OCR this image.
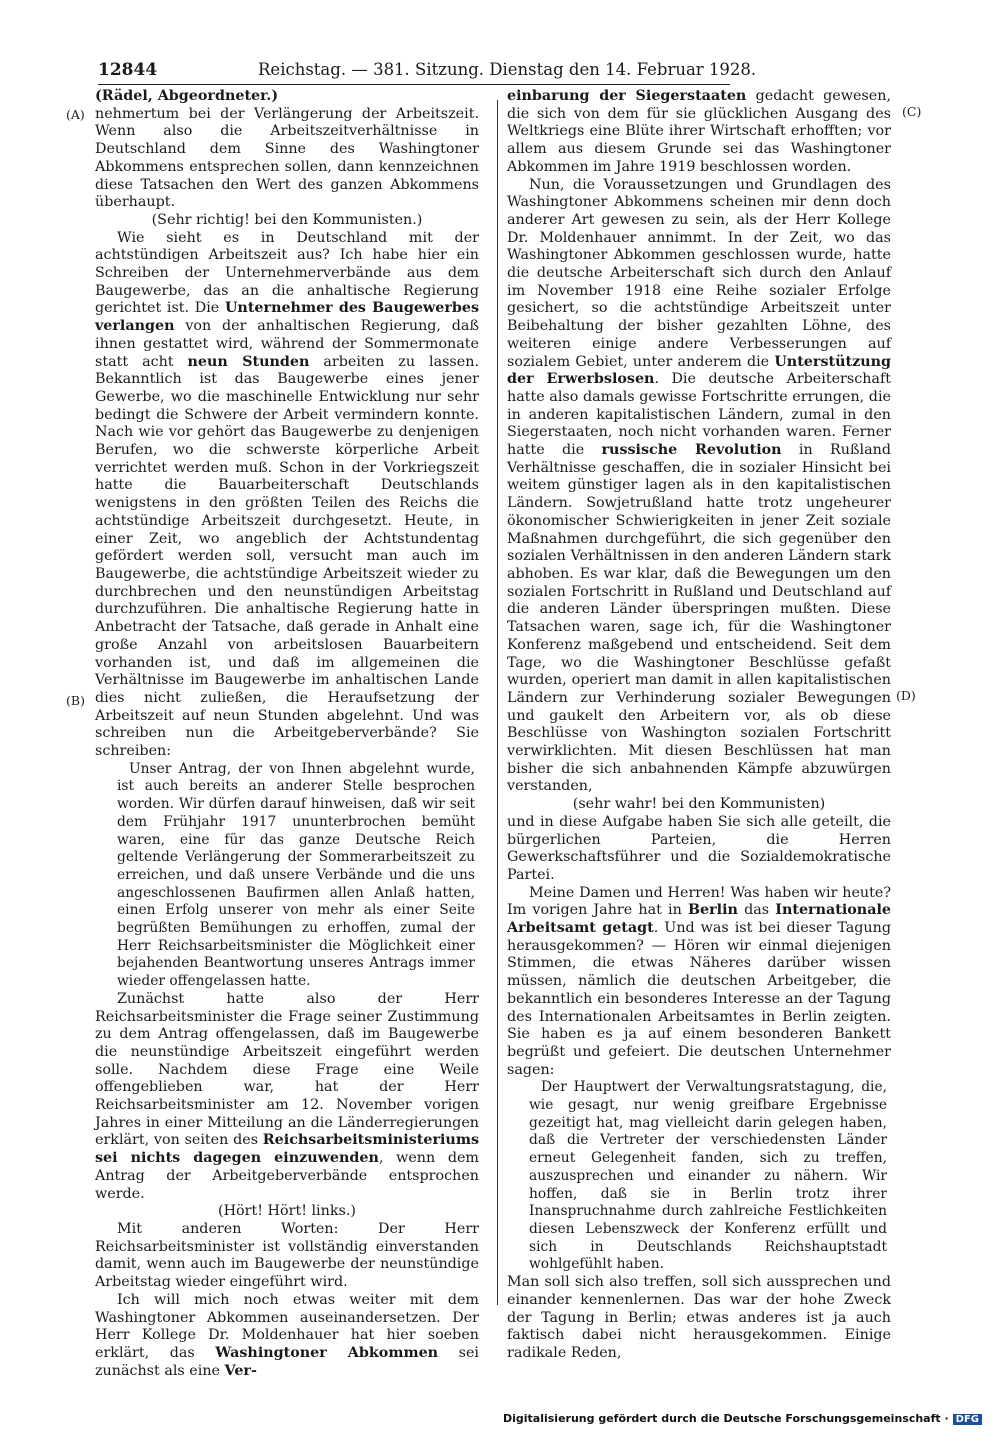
12844	Reichstag. — 381. Sitzung. Dienstag den 14. Februar 1928.
(A)
(B)
(C)
(D)

(Rädel, Abgeordneter.)

nehmertum bei der Verlängerung der Arbeitszeit. Wenn also die Arbeitszeitverhältnisse in Deutschland dem Sinne des Washingtoner Abkommens entsprechen sollen, dann kennzeichnen diese Tatsachen den Wert des ganzen Abkommens überhaupt.

(Sehr richtig! bei den Kommunisten.)

Wie sieht es in Deutschland mit der achtstündigen Arbeitszeit aus? Ich habe hier ein Schreiben der Unternehmerverbände aus dem Baugewerbe, das an die anhaltische Regierung gerichtet ist. Die Unternehmer des Baugewerbes verlangen von der anhaltischen Regierung, daß ihnen gestattet wird, während der Sommermonate statt acht neun Stunden arbeiten zu lassen. Bekanntlich ist das Baugewerbe eines jener Gewerbe, wo die maschinelle Entwicklung nur sehr bedingt die Schwere der Arbeit vermindern konnte. Nach wie vor gehört das Baugewerbe zu denjenigen Berufen, wo die schwerste körperliche Arbeit verrichtet werden muß. Schon in der Vorkriegszeit hatte die Bauarbeiterschaft Deutschlands wenigstens in den größten Teilen des Reichs die achtstündige Arbeitszeit durchgesetzt. Heute, in einer Zeit, wo angeblich der Achtstundentag gefördert werden soll, versucht man auch im Baugewerbe, die achtstündige Arbeitszeit wieder zu durchbrechen und den neunstündigen Arbeitstag durchzuführen. Die anhaltische Regierung hatte in Anbetracht der Tatsache, daß gerade in Anhalt eine große Anzahl von arbeitslosen Bauarbeitern vorhanden ist, und daß im allgemeinen die Verhältnisse im Baugewerbe im anhaltischen Lande dies nicht zuließen, die Heraufsetzung der Arbeitszeit auf neun Stunden abgelehnt. Und was schreiben nun die Arbeitgeberverbände? Sie schreiben:

Unser Antrag, der von Ihnen abgelehnt wurde, ist auch bereits an anderer Stelle besprochen worden. Wir dürfen darauf hinweisen, daß wir seit dem Frühjahr 1917 ununterbrochen bemüht waren, eine für das ganze Deutsche Reich geltende Verlängerung der Sommerarbeitszeit zu erreichen, und daß unsere Verbände und die uns angeschlossenen Baufirmen allen Anlaß hatten, einen Erfolg unserer von mehr als einer Seite begrüßten Bemühungen zu erhoffen, zumal der Herr Reichsarbeitsminister die Möglichkeit einer bejahenden Beantwortung unseres Antrags immer wieder offengelassen hatte.

Zunächst hatte also der Herr Reichsarbeitsminister die Frage seiner Zustimmung zu dem Antrag offengelassen, daß im Baugewerbe die neunstündige Arbeitszeit eingeführt werden solle. Nachdem diese Frage eine Weile offengeblieben war, hat der Herr Reichsarbeitsminister am 12. November vorigen Jahres in einer Mitteilung an die Länderregierungen erklärt, von seiten des Reichsarbeitsministeriums sei nichts dagegen einzuwenden, wenn dem Antrag der Arbeitgeberverbände entsprochen werde.

(Hört! Hört! links.)

Mit anderen Worten: Der Herr Reichsarbeitsminister ist vollständig einverstanden damit, wenn auch im Baugewerbe der neunstündige Arbeitstag wieder eingeführt wird.

Ich will mich noch etwas weiter mit dem Washingtoner Abkommen auseinandersetzen. Der Herr Kollege Dr. Moldenhauer hat hier soeben erklärt, das Washingtoner Abkommen sei zunächst als eine Ver-

einbarung der Siegerstaaten gedacht gewesen, die sich von dem für sie glücklichen Ausgang des Weltkriegs eine Blüte ihrer Wirtschaft erhofften; vor allem aus diesem Grunde sei das Washingtoner Abkommen im Jahre 1919 beschlossen worden.

Nun, die Voraussetzungen und Grundlagen des Washingtoner Abkommens scheinen mir denn doch anderer Art gewesen zu sein, als der Herr Kollege Dr. Moldenhauer annimmt. In der Zeit, wo das Washingtoner Abkommen geschlossen wurde, hatte die deutsche Arbeiterschaft sich durch den Anlauf im November 1918 eine Reihe sozialer Erfolge gesichert, so die achtstündige Arbeitszeit unter Beibehaltung der bisher gezahlten Löhne, des weiteren einige andere Verbesserungen auf sozialem Gebiet, unter anderem die Unterstützung der Erwerbslosen. Die deutsche Arbeiterschaft hatte also damals gewisse Fortschritte errungen, die in anderen kapitalistischen Ländern, zumal in den Siegerstaaten, noch nicht vorhanden waren. Ferner hatte die russische Revolution in Rußland Verhältnisse geschaffen, die in sozialer Hinsicht bei weitem günstiger lagen als in den kapitalistischen Ländern. Sowjetrußland hatte trotz ungeheurer ökonomischer Schwierigkeiten in jener Zeit soziale Maßnahmen durchgeführt, die sich gegenüber den sozialen Verhältnissen in den anderen Ländern stark abhoben. Es war klar, daß die Bewegungen um den sozialen Fortschritt in Rußland und Deutschland auf die anderen Länder überspringen mußten. Diese Tatsachen waren, sage ich, für die Washingtoner Konferenz maßgebend und entscheidend. Seit dem Tage, wo die Washingtoner Beschlüsse gefaßt wurden, operiert man damit in allen kapitalistischen Ländern zur Verhinderung sozialer Bewegungen und gaukelt den Arbeitern vor, als ob diese Beschlüsse von Washington sozialen Fortschritt verwirklichten. Mit diesen Beschlüssen hat man bisher die sich anbahnenden Kämpfe abzuwürgen verstanden,

(sehr wahr! bei den Kommunisten)

und in diese Aufgabe haben Sie sich alle geteilt, die bürgerlichen Parteien, die Herren Gewerkschaftsführer und die Sozialdemokratische Partei.

Meine Damen und Herren! Was haben wir heute? Im vorigen Jahre hat in Berlin das Internationale Arbeitsamt getagt. Und was ist bei dieser Tagung herausgekommen? — Hören wir einmal diejenigen Stimmen, die etwas Näheres darüber wissen müssen, nämlich die deutschen Arbeitgeber, die bekanntlich ein besonderes Interesse an der Tagung des Internationalen Arbeitsamtes in Berlin zeigten. Sie haben es ja auf einem besonderen Bankett begrüßt und gefeiert. Die deutschen Unternehmer sagen:

Der Hauptwert der Verwaltungsratstagung, die, wie gesagt, nur wenig greifbare Ergebnisse gezeitigt hat, mag vielleicht darin gelegen haben, daß die Vertreter der verschiedensten Länder erneut Gelegenheit fanden, sich zu treffen, auszusprechen und einander zu nähern. Wir hoffen, daß sie in Berlin trotz ihrer Inanspruchnahme durch zahlreiche Festlichkeiten diesen Lebenszweck der Konferenz erfüllt und sich in Deutschlands Reichshauptstadt wohlgefühlt haben.

Man soll sich also treffen, soll sich aussprechen und einander kennenlernen. Das war der hohe Zweck der Tagung in Berlin; etwas anderes ist ja auch faktisch dabei nicht herausgekommen. Einige radikale Reden,

Digitalisierung gefördert durch die Deutsche Forschungsgemeinschaft · DFG
